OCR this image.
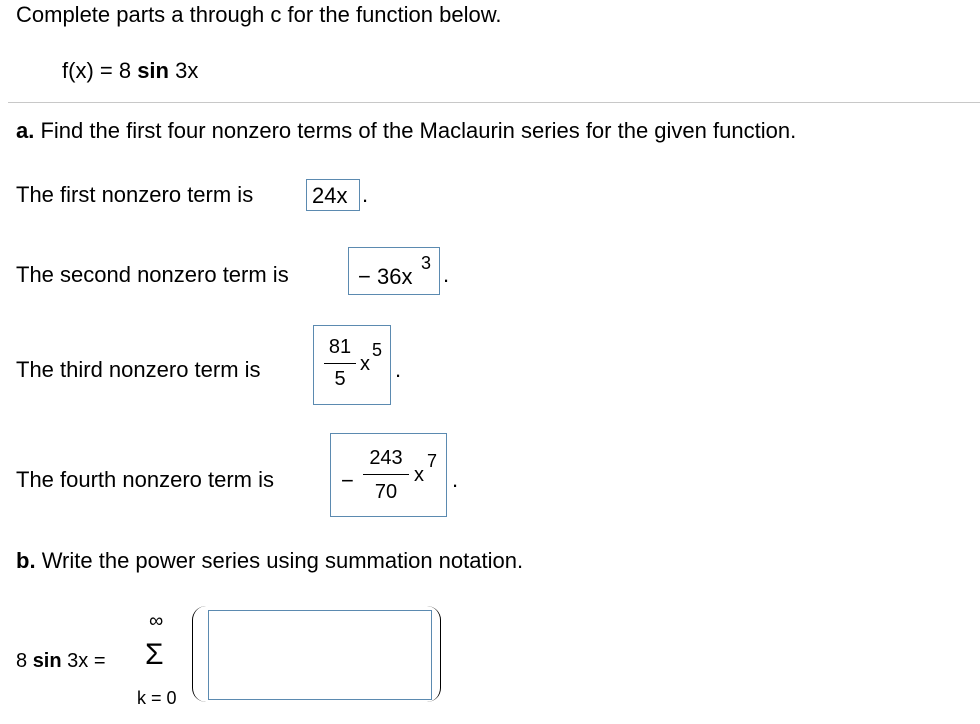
Complete parts a through c for the function below.
f(x) = 8 sin 3x
a. Find the first four nonzero terms of the Maclaurin series for the given function.
The first nonzero term is	24x .
The second nonzero term is	− 36x
3 .
The third nonzero term is
81
5
x
5
.
The fourth nonzero term is	−
243
70
x
7
.
b. Write the power series using summation notation.
8 sin 3x =
∞
Σ
k = 0
